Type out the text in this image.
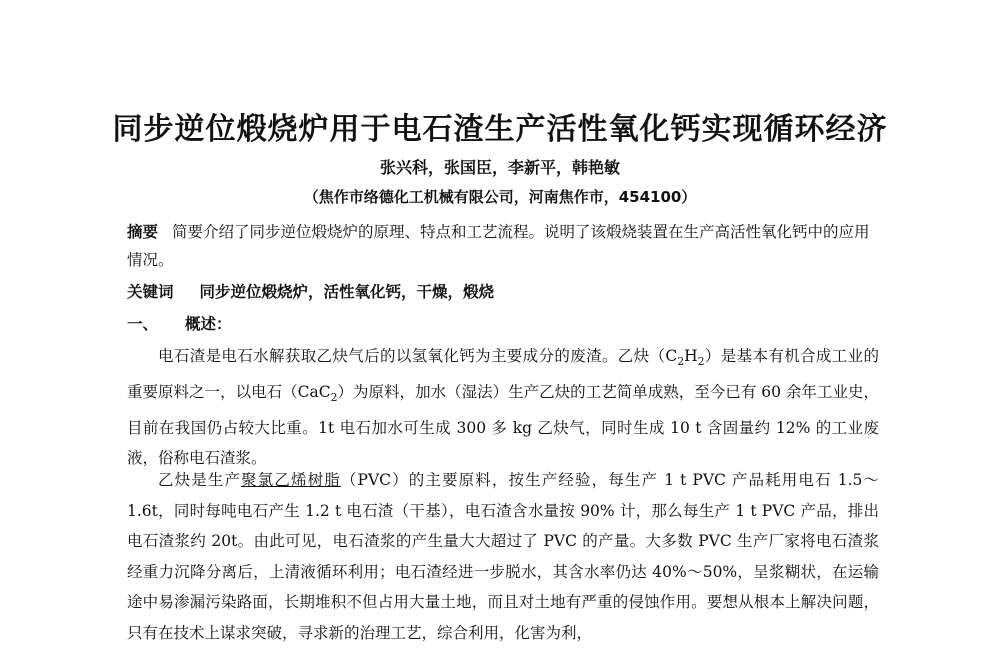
同步逆位煅烧炉用于电石渣生产活性氧化钙实现循环经济
张兴科，张国臣，李新平，韩艳敏
（焦作市络德化工机械有限公司，河南焦作市，454100）
摘要 简要介绍了同步逆位煅烧炉的原理、特点和工艺流程。说明了该煅烧装置在生产高活性氧化钙中的应用情况。
关键词 同步逆位煅烧炉，活性氧化钙，干燥，煅烧
一、 概述：
电石渣是电石水解获取乙炔气后的以氢氧化钙为主要成分的废渣。乙炔$(C_2H_2)$是基本有机合成工业的重要原料之一，以电石（CaC$_2$）为原料，加水（湿法）生产乙炔的工艺简单成熟，至今已有 60 余年工业史，目前在我国仍占较大比重。1t 电石加水可生成 300 多 kg 乙炔气，同时生成 10 t 含固量约 12% 的工业废液，俗称电石渣浆。
乙炔是生产聚氯乙烯树脂（PVC）的主要原料，按生产经验，每生产 1 t PVC 产品耗用电石 1.5～1.6t，同时每吨电石产生 1.2 t 电石渣（干基），电石渣含水量按 90% 计，那么每生产 1 t PVC 产品，排出电石渣浆约 20t。由此可见，电石渣浆的产生量大大超过了 PVC 的产量。大多数 PVC 生产厂家将电石渣浆经重力沉降分离后，上清液循环利用；电石渣经进一步脱水，其含水率仍达 40%～50%，呈浆糊状，在运输途中易渗漏污染路面，长期堆积不但占用大量土地，而且对土地有严重的侵蚀作用。要想从根本上解决问题，只有在技术上谋求突破，寻求新的治理工艺，综合利用，化害为利，
